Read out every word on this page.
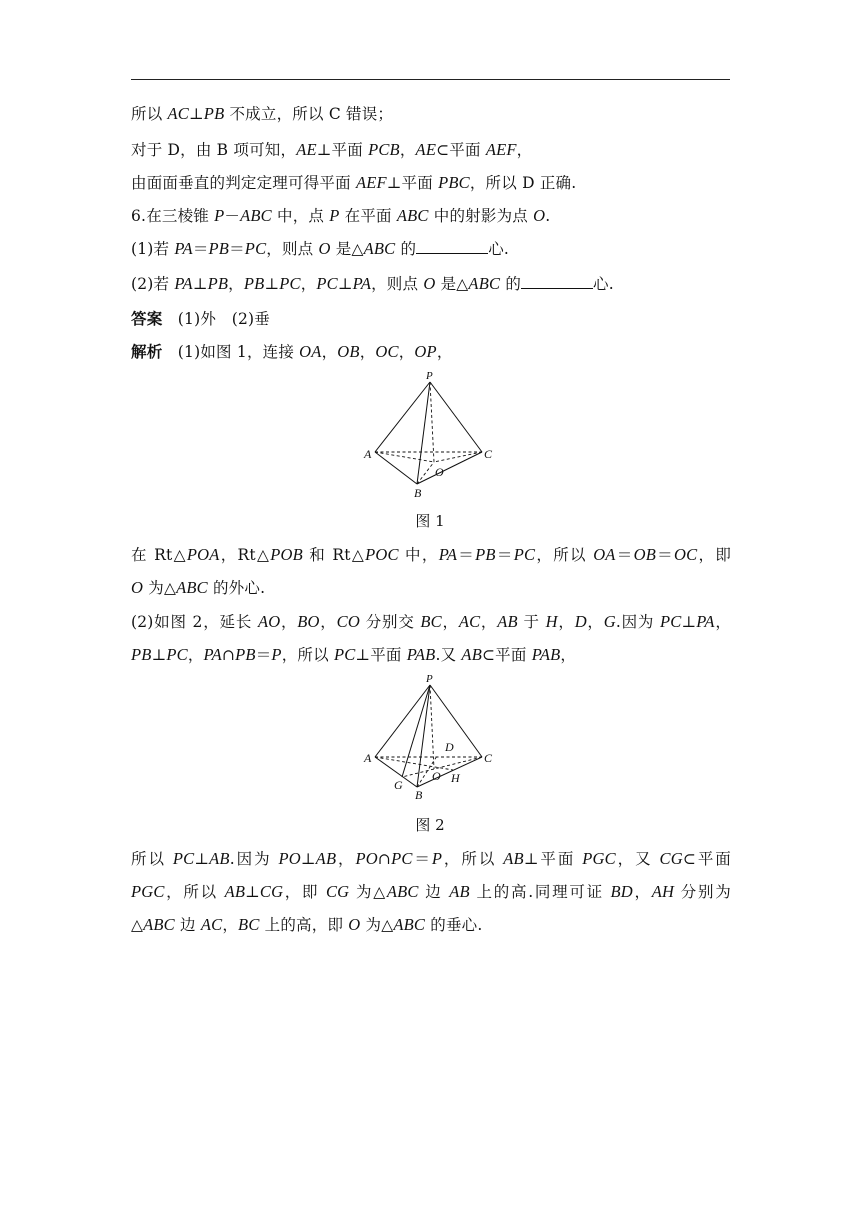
所以 AC⊥PB 不成立，所以 C 错误；
对于 D，由 B 项可知，AE⊥平面 PCB，AE⊂平面 AEF，
由面面垂直的判定定理可得平面 AEF⊥平面 PBC，所以 D 正确.
6.在三棱锥 P－ABC 中，点 P 在平面 ABC 中的射影为点 O.
(1)若 PA＝PB＝PC，则点 O 是△ABC 的	心.
(2)若 PA⊥PB，PB⊥PC，PC⊥PA，则点 O 是△ABC 的	心.
答案 (1)外　(2)垂
解析 (1)如图 1，连接 OA，OB，OC，OP，
P
A	C
O
B
图 1
在 Rt△POA，Rt△POB 和 Rt△POC 中，PA＝PB＝PC，所以 OA＝OB＝OC，即
O 为△ABC 的外心.
(2)如图 2，延长 AO，BO，CO 分别交 BC，AC，AB 于 H，D，G.因为 PC⊥PA，
PB⊥PC，PA∩PB＝P，所以 PC⊥平面 PAB.又 AB⊂平面 PAB，
P
A	C
D
O H
G
B
图 2
所以 PC⊥AB.因为 PO⊥AB，PO∩PC＝P，所以 AB⊥平面 PGC，又 CG⊂平面
PGC，所以 AB⊥CG，即 CG 为△ABC 边 AB 上的高.同理可证 BD，AH 分别为
△ABC 边 AC，BC 上的高，即 O 为△ABC 的垂心.
